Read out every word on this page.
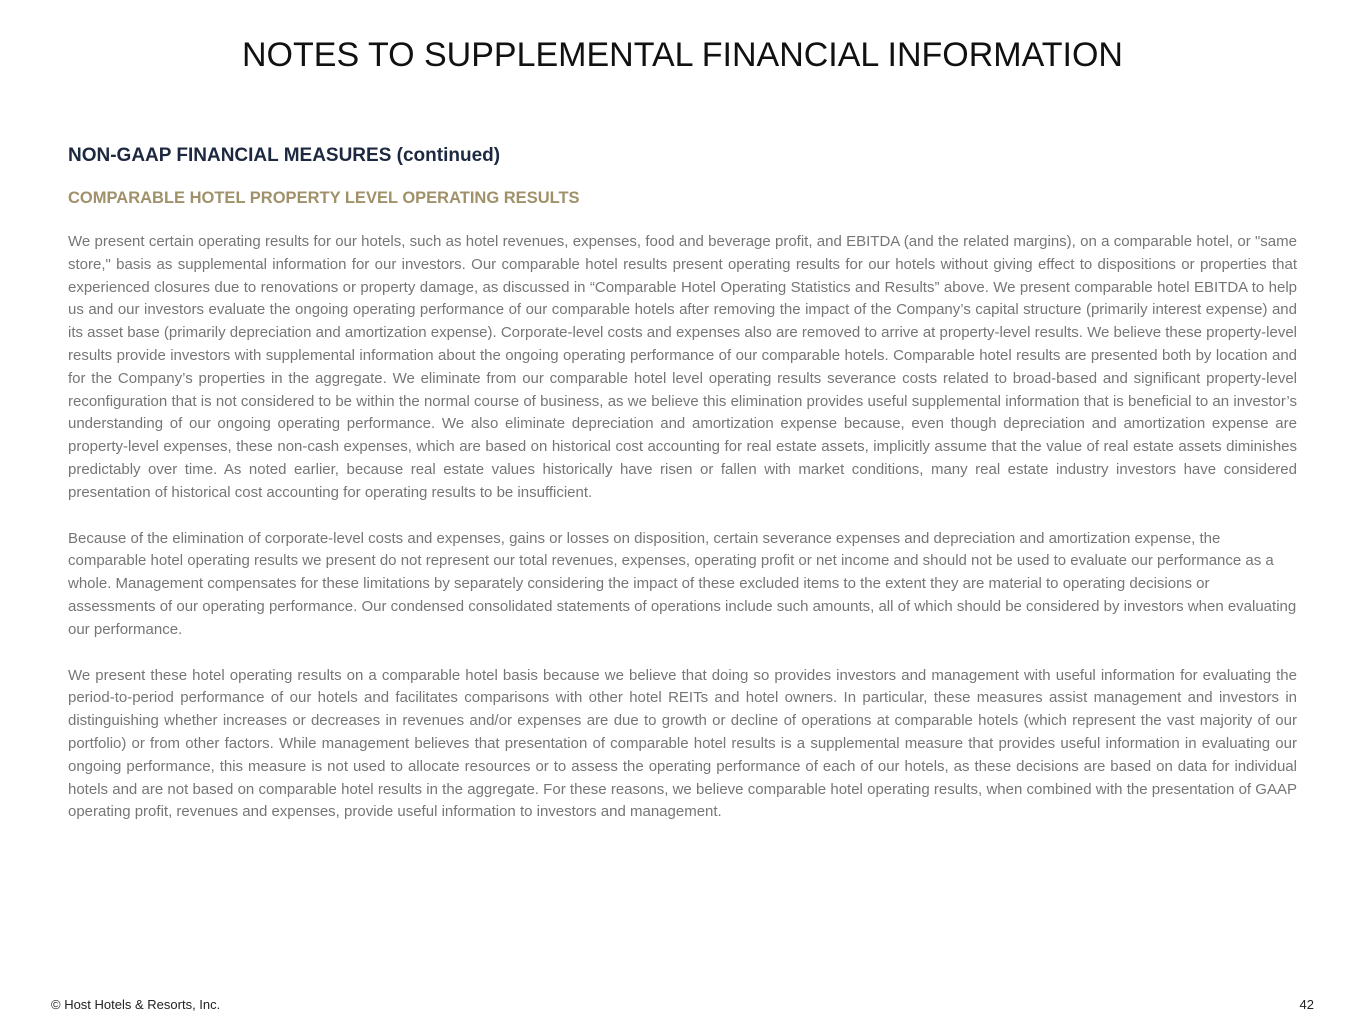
NOTES TO SUPPLEMENTAL FINANCIAL INFORMATION
NON-GAAP FINANCIAL MEASURES (continued)
COMPARABLE HOTEL PROPERTY LEVEL OPERATING RESULTS

We present certain operating results for our hotels, such as hotel revenues, expenses, food and beverage profit, and EBITDA (and the related margins), on a comparable hotel, or "same store," basis as supplemental information for our investors. Our comparable hotel results present operating results for our hotels without giving effect to dispositions or properties that experienced closures due to renovations or property damage, as discussed in “Comparable Hotel Operating Statistics and Results” above. We present comparable hotel EBITDA to help us and our investors evaluate the ongoing operating performance of our comparable hotels after removing the impact of the Company’s capital structure (primarily interest expense) and its asset base (primarily depreciation and amortization expense). Corporate-level costs and expenses also are removed to arrive at property-level results. We believe these property-level results provide investors with supplemental information about the ongoing operating performance of our comparable hotels. Comparable hotel results are presented both by location and for the Company’s properties in the aggregate. We eliminate from our comparable hotel level operating results severance costs related to broad-based and significant property-level reconfiguration that is not considered to be within the normal course of business, as we believe this elimination provides useful supplemental information that is beneficial to an investor’s understanding of our ongoing operating performance. We also eliminate depreciation and amortization expense because, even though depreciation and amortization expense are property-level expenses, these non-cash expenses, which are based on historical cost accounting for real estate assets, implicitly assume that the value of real estate assets diminishes predictably over time. As noted earlier, because real estate values historically have risen or fallen with market conditions, many real estate industry investors have considered presentation of historical cost accounting for operating results to be insufficient.

Because of the elimination of corporate-level costs and expenses, gains or losses on disposition, certain severance expenses and depreciation and amortization expense, the comparable hotel operating results we present do not represent our total revenues, expenses, operating profit or net income and should not be used to evaluate our performance as a whole. Management compensates for these limitations by separately considering the impact of these excluded items to the extent they are material to operating decisions or assessments of our operating performance. Our condensed consolidated statements of operations include such amounts, all of which should be considered by investors when evaluating our performance.

We present these hotel operating results on a comparable hotel basis because we believe that doing so provides investors and management with useful information for evaluating the period-to-period performance of our hotels and facilitates comparisons with other hotel REITs and hotel owners. In particular, these measures assist management and investors in distinguishing whether increases or decreases in revenues and/or expenses are due to growth or decline of operations at comparable hotels (which represent the vast majority of our portfolio) or from other factors. While management believes that presentation of comparable hotel results is a supplemental measure that provides useful information in evaluating our ongoing performance, this measure is not used to allocate resources or to assess the operating performance of each of our hotels, as these decisions are based on data for individual hotels and are not based on comparable hotel results in the aggregate. For these reasons, we believe comparable hotel operating results, when combined with the presentation of GAAP operating profit, revenues and expenses, provide useful information to investors and management.

© Host Hotels & Resorts, Inc.	42
